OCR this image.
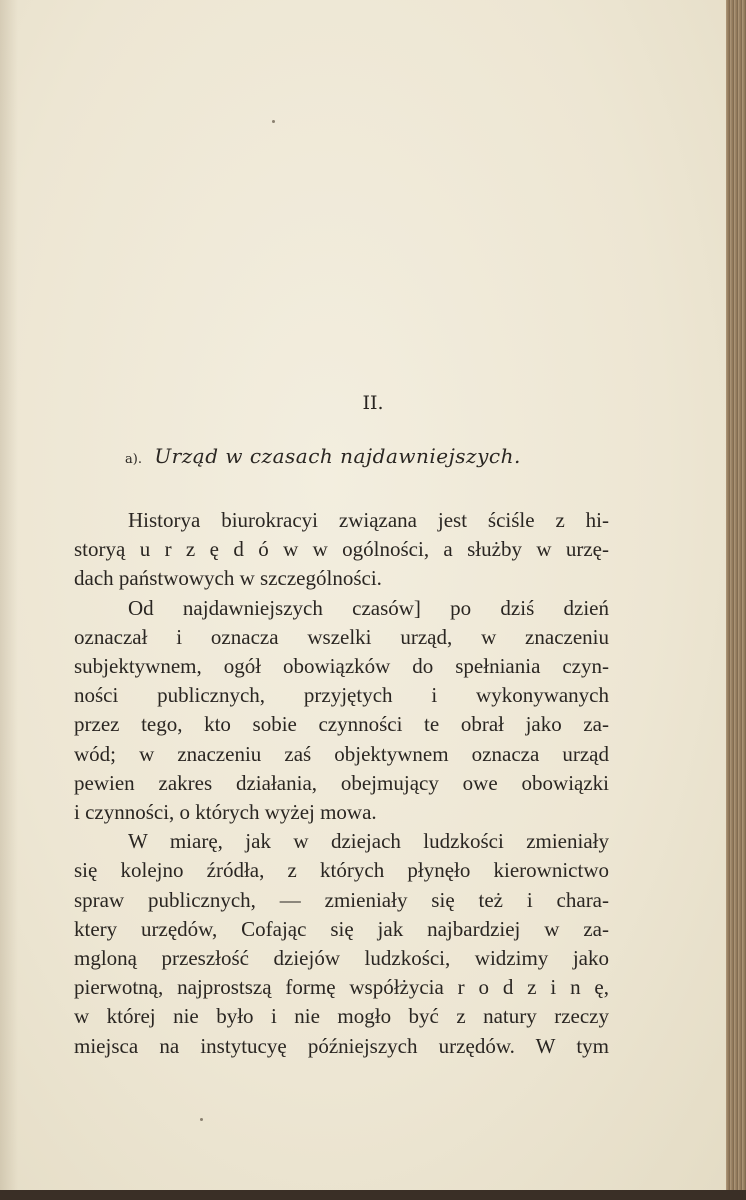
II.
a). Urząd w czasach najdawniejszych.
Historya biurokracyi związana jest ściśle z hi-
storyą u r z ę d ó w w ogólności, a służby w urzę-
dach państwowych w szczególności.
Od najdawniejszych czasów] po dziś dzień
oznaczał i oznacza wszelki urząd, w znaczeniu
subjektywnem, ogół obowiązków do spełniania czyn-
ności publicznych, przyjętych i wykonywanych
przez tego, kto sobie czynności te obrał jako za-
wód; w znaczeniu zaś objektywnem oznacza urząd
pewien zakres działania, obejmujący owe obowiązki
i czynności, o których wyżej mowa.
W miarę, jak w dziejach ludzkości zmieniały
się kolejno źródła, z których płynęło kierownictwo
spraw publicznych, — zmieniały się też i chara-
ktery urzędów, Cofając się jak najbardziej w za-
mgloną przeszłość dziejów ludzkości, widzimy jako
pierwotną, najprostszą formę współżycia r o d z i n ę,
w której nie było i nie mogło być z natury rzeczy
miejsca na instytucyę późniejszych urzędów. W tym
